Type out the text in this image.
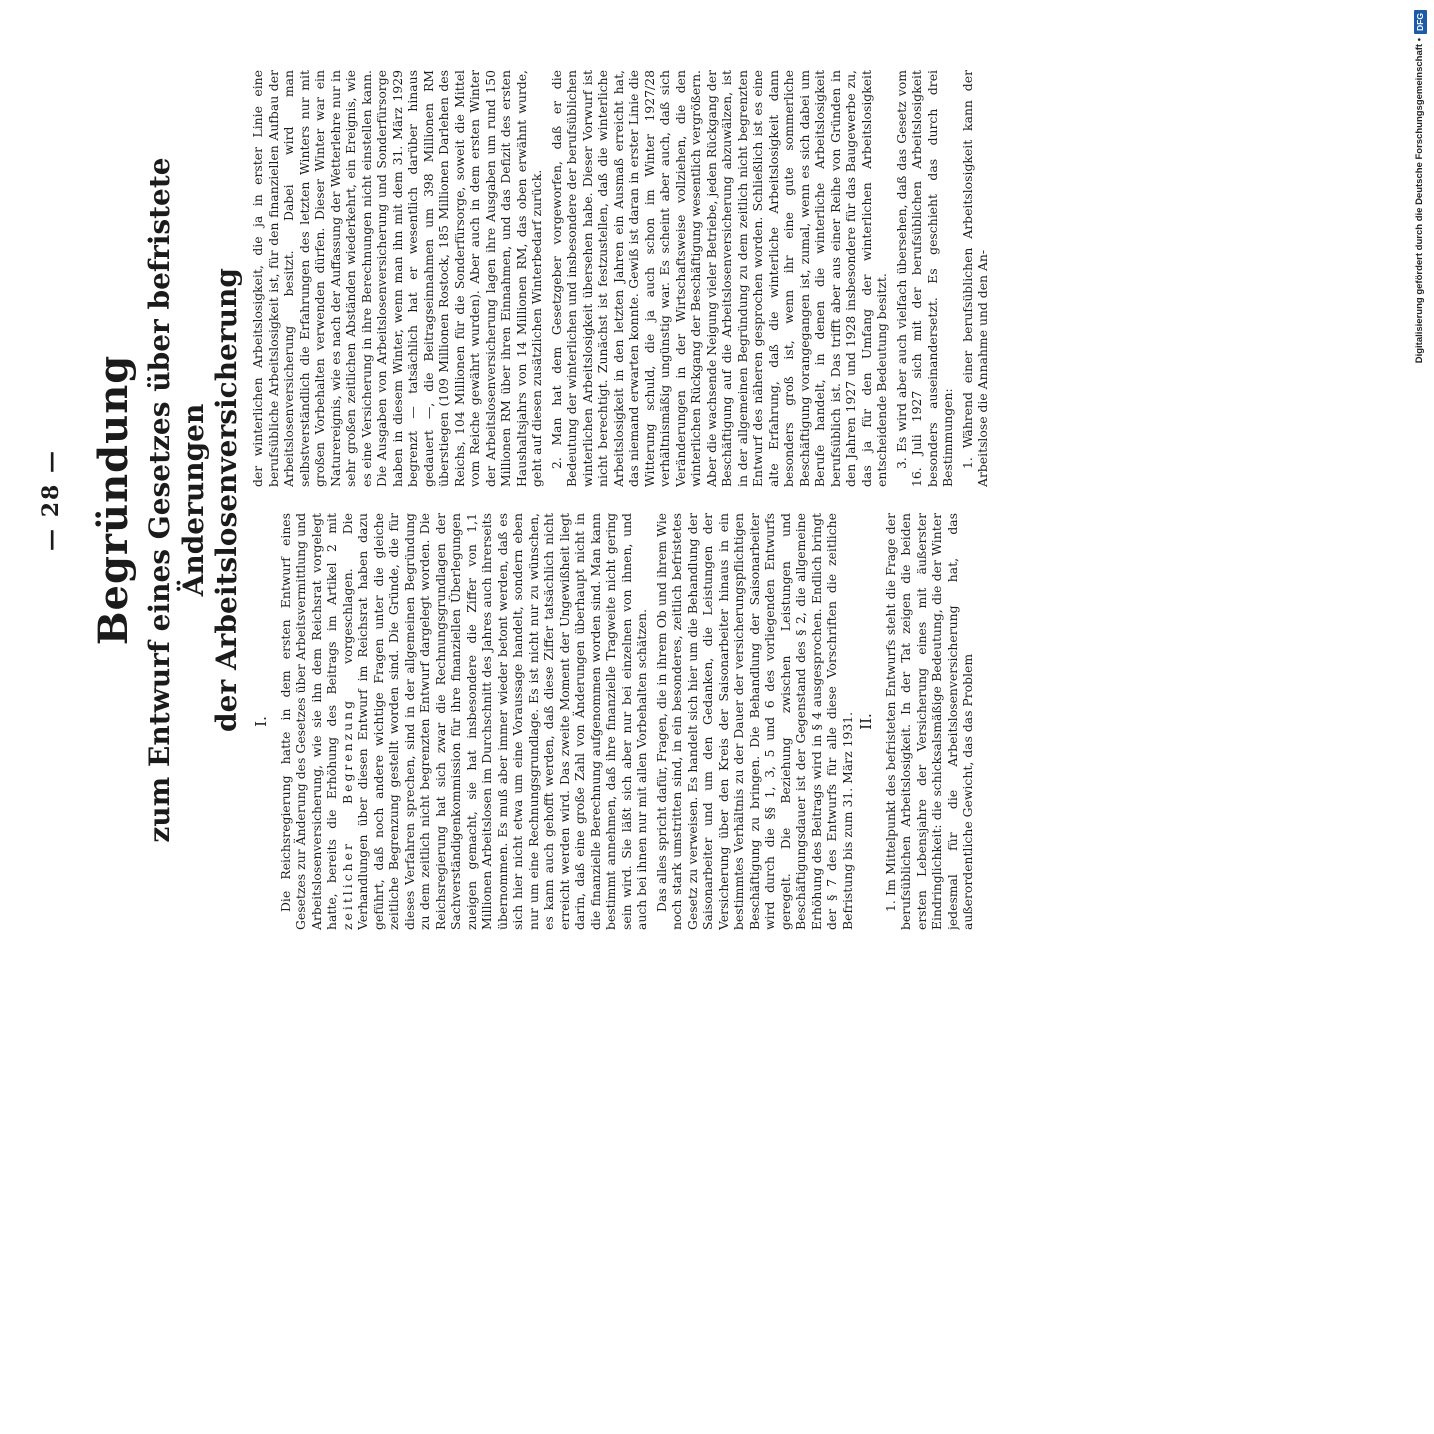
— 28 — Begründung zum Entwurf eines Gesetzes über befristete Änderungen der Arbeitslosenversicherung I. Die Reichsregierung hatte in dem ersten Entwurf eines Gesetzes zur Änderung des Gesetzes über Arbeitsvermittlung und Arbeitslosenversicherung, wie sie ihn dem Reichsrat vorgelegt hatte, bereits die Erhöhung des Beitrags im Artikel 2 mit zeitlicher Begrenzung vorgeschlagen. Die Verhandlungen über diesen Entwurf im Reichsrat haben dazu geführt, daß noch andere wichtige Fragen unter die gleiche zeitliche Begrenzung gestellt worden sind. Die Gründe, die für dieses Verfahren sprechen, sind in der allgemeinen Begründung zu dem zeitlich nicht begrenzten Entwurf dargelegt worden. Die Reichsregierung hat sich zwar die Rechnungsgrundlagen der Sachverständigenkommission für ihre finanziellen Überlegungen zueigen gemacht, sie hat insbesondere die Ziffer von 1,1 Millionen Arbeitslosen im Durchschnitt des Jahres auch ihrerseits übernommen. Es muß aber immer wieder betont werden, daß es sich hier nicht etwa um eine Voraussage handelt, sondern eben nur um eine Rechnungsgrundlage. Es ist nicht nur zu wünschen, es kann auch gehofft werden, daß diese Ziffer tatsächlich nicht erreicht werden wird. Das zweite Moment der Ungewißheit liegt darin, daß eine große Zahl von Änderungen überhaupt nicht in die finanzielle Berechnung aufgenommen worden sind. Man kann bestimmt annehmen, daß ihre finanzielle Tragweite nicht gering sein wird. Sie läßt sich aber nur bei einzelnen von ihnen, und auch bei ihnen nur mit allen Vorbehalten schätzen. Das alles spricht dafür, Fragen, die in ihrem Ob und ihrem Wie noch stark umstritten sind, in ein besonderes, zeitlich befristetes Gesetz zu verweisen. Es handelt sich hier um die Behandlung der Saisonarbeiter und um den Gedanken, die Leistungen der Versicherung über den Kreis der Saisonarbeiter hinaus in ein bestimmtes Verhältnis zu der Dauer der versicherungspflichtigen Beschäftigung zu bringen. Die Behandlung der Saisonarbeiter wird durch die §§ 1, 3, 5 und 6 des vorliegenden Entwurfs geregelt. Die Beziehung zwischen Leistungen und Beschäftigungsdauer ist der Gegenstand des § 2, die allgemeine Erhöhung des Beitrags wird in § 4 ausgesprochen. Endlich bringt der § 7 des Entwurfs für alle diese Vorschriften die zeitliche Befristung bis zum 31. März 1931. II. 1. Im Mittelpunkt des befristeten Entwurfs steht die Frage der berufsüblichen Arbeitslosigkeit. In der Tat zeigen die beiden ersten Lebensjahre der Versicherung eines mit äußerster Eindringlichkeit: die schicksalsmäßige Bedeutung, die der Winter jedesmal für die Arbeitslosenversicherung hat, das außerordentliche Gewicht, das das Problem

der winterlichen Arbeitslosigkeit, die ja in erster Linie eine berufsübliche Arbeitslosigkeit ist, für den finanziellen Aufbau der Arbeitslosenversicherung besitzt. Dabei wird man selbstverständlich die Erfahrungen des letzten Winters nur mit großen Vorbehalten verwenden dürfen. Dieser Winter war ein Naturereignis, wie es nach der Auffassung der Wetterlehre nur in sehr großen zeitlichen Abständen wiederkehrt, ein Ereignis, wie es eine Versicherung in ihre Berechnungen nicht einstellen kann. Die Ausgaben von Arbeitslosenversicherung und Sonderfürsorge haben in diesem Winter, wenn man ihn mit dem 31. März 1929 begrenzt — tatsächlich hat er wesentlich darüber hinaus gedauert —, die Beitragseinnahmen um 398 Millionen RM überstiegen (109 Millionen Rostock, 185 Millionen Darlehen des Reichs, 104 Millionen für die Sonderfürsorge, soweit die Mittel vom Reiche gewährt wurden). Aber auch in dem ersten Winter der Arbeitslosenversicherung lagen ihre Ausgaben um rund 150 Millionen RM über ihren Einnahmen, und das Defizit des ersten Haushaltsjahrs von 14 Millionen RM, das oben erwähnt wurde, geht auf diesen zusätzlichen Winterbedarf zurück. 2. Man hat dem Gesetzgeber vorgeworfen, daß er die Bedeutung der winterlichen und insbesondere der berufsüblichen winterlichen Arbeitslosigkeit übersehen habe. Dieser Vorwurf ist nicht berechtigt. Zunächst ist festzustellen, daß die winterliche Arbeitslosigkeit in den letzten Jahren ein Ausmaß erreicht hat, das niemand erwarten konnte. Gewiß ist daran in erster Linie die Witterung schuld, die ja auch schon im Winter 1927/28 verhältnismäßig ungünstig war. Es scheint aber auch, daß sich Veränderungen in der Wirtschaftsweise vollziehen, die den winterlichen Rückgang der Beschäftigung wesentlich vergrößern. Aber die wachsende Neigung vieler Betriebe, jeden Rückgang der Beschäftigung auf die Arbeitslosenversicherung abzuwälzen, ist in der allgemeinen Begründung zu dem zeitlich nicht begrenzten Entwurf des näheren gesprochen worden. Schließlich ist es eine alte Erfahrung, daß die winterliche Arbeitslosigkeit dann besonders groß ist, wenn ihr eine gute sommerliche Beschäftigung vorangegangen ist, zumal, wenn es sich dabei um Berufe handelt, in denen die winterliche Arbeitslosigkeit berufsüblich ist. Das trifft aber aus einer Reihe von Gründen in den Jahren 1927 und 1928 insbesondere für das Baugewerbe zu, das ja für den Umfang der winterlichen Arbeitslosigkeit entscheidende Bedeutung besitzt. 3. Es wird aber auch vielfach übersehen, daß das Gesetz vom 16. Juli 1927 sich mit der berufsüblichen Arbeitslosigkeit besonders auseinandersetzt. Es geschieht das durch drei Bestimmungen: 1. Während einer berufsüblichen Arbeitslosigkeit kann der Arbeitslose die Annahme und den An-

Digitalisierung gefördert durch die Deutsche Forschungsgemeinschaft •
DFG
